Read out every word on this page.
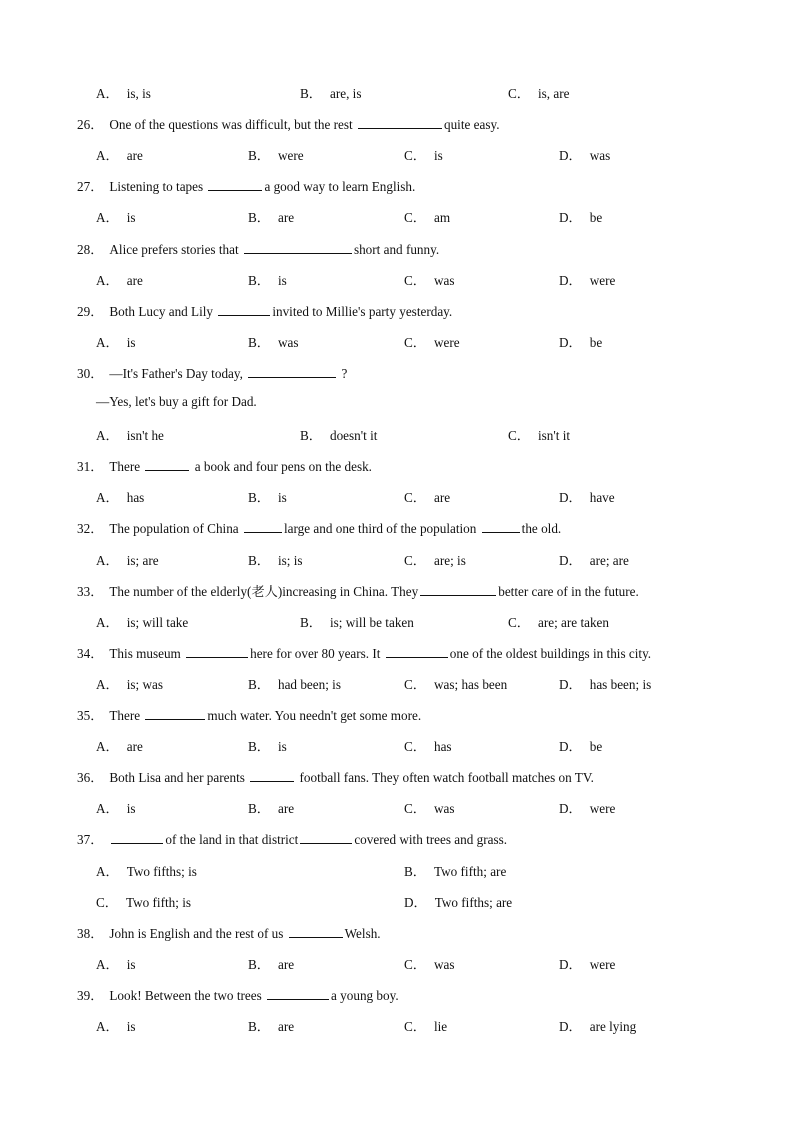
A． is, is	B． are, is	C． is, are
26． One of the questions was difficult, but the rest	quite easy.
A． are	B． were	C． is	D． was
27． Listening to tapes	a good way to learn English.
A． is	B． are	C． am	D． be
28． Alice prefers stories that	short and funny.
A． are	B． is	C． was	D． were
29． Both Lucy and Lily	invited to Millie's party yesterday.
A． is	B． was	C． were	D． be
30． —It's Father's Day today,	?
—Yes, let's buy a gift for Dad.
A． isn't he	B． doesn't it	C． isn't it
31． There	a book and four pens on the desk.
A． has	B． is	C． are	D． have
32． The population of China	large and one third of the population	the old.
A． is; are	B． is; is	C． are; is	D． are; are
33． The number of the elderly(老人)increasing in China. They	better care of in the future.
A． is; will take	B． is; will be taken	C． are; are taken
34． This museum	here for over 80 years. It	one of the oldest buildings in this city.
A． is; was	B． had been; is	C． was; has been	D． has been; is
35． There	much water. You needn't get some more.
A． are	B． is	C． has	D． be
36． Both Lisa and her parents	football fans. They often watch football matches on TV.
A． is	B． are	C． was	D． were
37．	of the land in that district	covered with trees and grass.
A． Two fifths; is	B． Two fifth; are
C． Two fifth; is	D． Two fifths; are
38． John is English and the rest of us	Welsh.
A． is	B． are	C． was	D． were
39． Look! Between the two trees	a young boy.
A． is	B． are	C． lie	D． are lying
